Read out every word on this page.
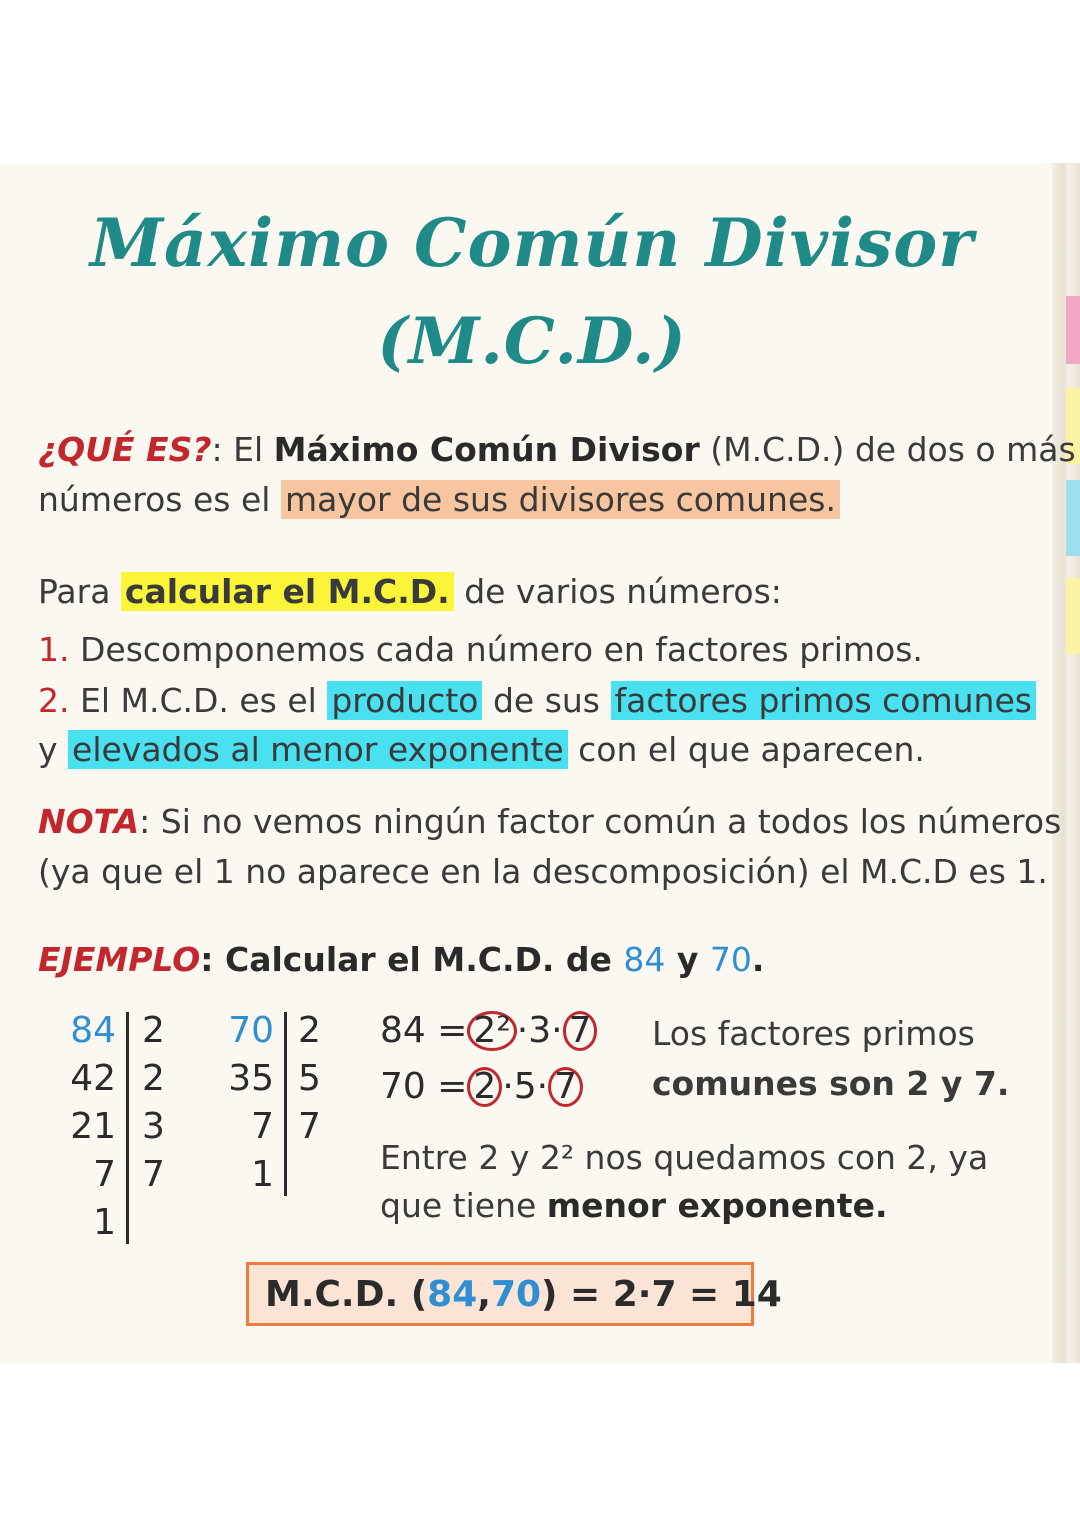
Máximo Común Divisor
(M.C.D.)
¿QUÉ ES?: El Máximo Común Divisor (M.C.D.) de dos o más
números es el mayor de sus divisores comunes.
Para calcular el M.C.D. de varios números:
1. Descomponemos cada número en factores primos.
2. El M.C.D. es el producto de sus factores primos comunes
y elevados al menor exponente con el que aparecen.
NOTA: Si no vemos ningún factor común a todos los números
(ya que el 1 no aparece en la descomposición) el M.C.D es 1.
EJEMPLO: Calcular el M.C.D. de 84 y 70.
84
42
21
7
1
2
2
3
7
70
35
7
1
2
5
7
84 = 2² ·3· 7
70 = 2 ·5· 7
Los factores primos
comunes son 2 y 7.
Entre 2 y 2² nos quedamos con 2, ya
que tiene menor exponente.
M.C.D. ( 84 , 70 ) = 2·7 = 14
